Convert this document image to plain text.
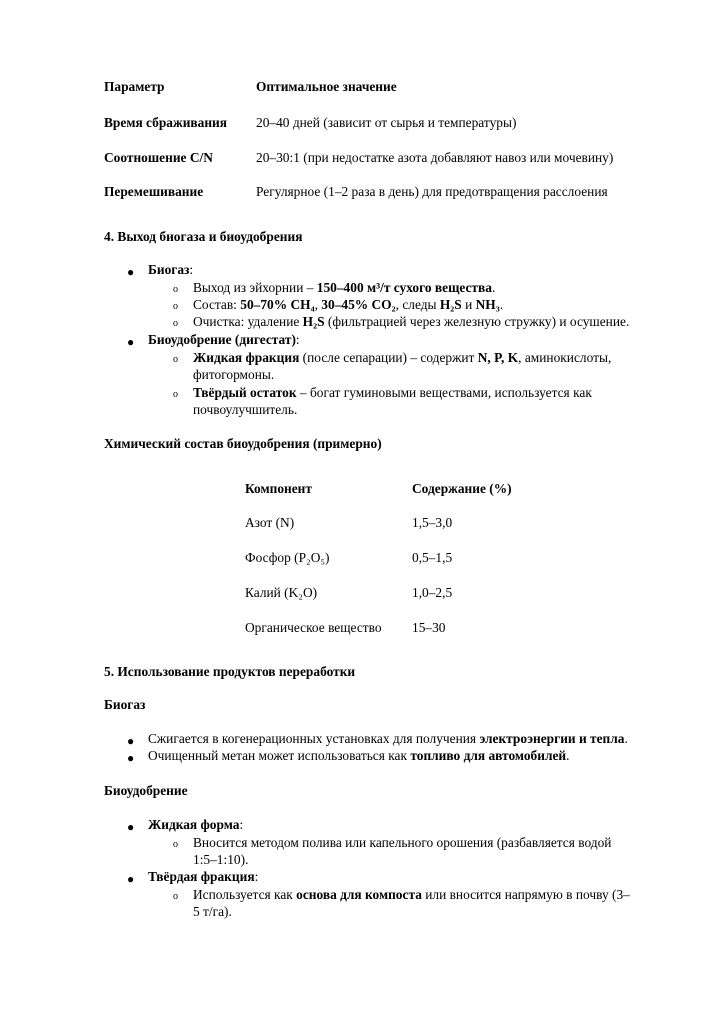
Параметр	Оптимальное значение
Время сбраживания 20–40 дней (зависит от сырья и температуры)
Соотношение C/N	20–30:1 (при недостатке азота добавляют навоз или мочевину)
Перемешивание	Регулярное (1–2 раза в день) для предотвращения расслоения
4. Выход биогаза и биоудобрения
● Биогаз:
o Выход из эйхорнии – 150–400 м³/т сухого вещества.
o Состав: 50–70% CH₄, 30–45% CO₂, следы H₂S и NH₃.
o Очистка: удаление H₂S (фильтрацией через железную стружку) и осушение.
● Биоудобрение (дигестат):
o Жидкая фракция (после сепарации) – содержит N, P, K, аминокислоты,
фитогормоны.
o Твёрдый остаток – богат гуминовыми веществами, используется как
почвоулучшитель.
Химический состав биоудобрения (примерно)
Компонент	Содержание (%)
Азот (N)	1,5–3,0
Фосфор (P₂O₅)	0,5–1,5
Калий (K₂O)	1,0–2,5
Органическое вещество 15–30
5. Использование продуктов переработки
Биогаз
● Сжигается в когенерационных установках для получения электроэнергии и тепла.
● Очищенный метан может использоваться как топливо для автомобилей.
Биоудобрение
● Жидкая форма:
o Вносится методом полива или капельного орошения (разбавляется водой
1:5–1:10).
● Твёрдая фракция:
o Используется как основа для компоста или вносится напрямую в почву (3–
5 т/га).
